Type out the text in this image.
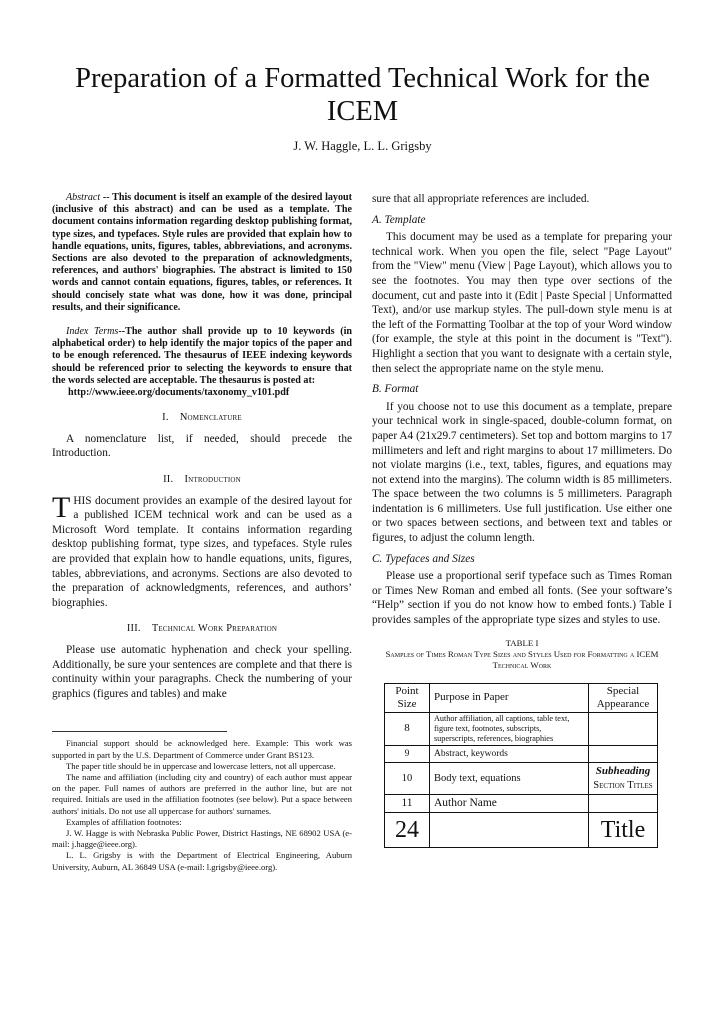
Preparation of a Formatted Technical Work for the ICEM
J. W. Haggle, L. L. Grigsby

Abstract -- This document is itself an example of the desired layout (inclusive of this abstract) and can be used as a template. The document contains information regarding desktop publishing format, type sizes, and typefaces. Style rules are provided that explain how to handle equations, units, figures, tables, abbreviations, and acronyms. Sections are also devoted to the preparation of acknowledgments, references, and authors' biographies. The abstract is limited to 150 words and cannot contain equations, figures, tables, or references. It should concisely state what was done, how it was done, principal results, and their significance.

Index Terms--The author shall provide up to 10 keywords (in alphabetical order) to help identify the major topics of the paper and to be enough referenced. The thesaurus of IEEE indexing keywords should be referenced prior to selecting the keywords to ensure that the words selected are acceptable. The thesaurus is posted at:

http://www.ieee.org/documents/taxonomy_v101.pdf

I. Nomenclature

A nomenclature list, if needed, should precede the Introduction.

II. Introduction

THIS document provides an example of the desired layout for a published ICEM technical work and can be used as a Microsoft Word template. It contains information regarding desktop publishing format, type sizes, and typefaces. Style rules are provided that explain how to handle equations, units, figures, tables, abbreviations, and acronyms. Sections are also devoted to the preparation of acknowledgments, references, and authors’ biographies.

III. Technical Work Preparation

Please use automatic hyphenation and check your spelling. Additionally, be sure your sentences are complete and that there is continuity within your paragraphs. Check the numbering of your graphics (figures and tables) and make

Financial support should be acknowledged here. Example: This work was supported in part by the U.S. Department of Commerce under Grant BS123.

The paper title should be in uppercase and lowercase letters, not all uppercase.

The name and affiliation (including city and country) of each author must appear on the paper. Full names of authors are preferred in the author line, but are not required. Initials are used in the affiliation footnotes (see below). Put a space between authors' initials. Do not use all uppercase for authors' surnames.

Examples of affiliation footnotes:

J. W. Hagge is with Nebraska Public Power, District Hastings, NE 68902 USA (e-mail: j.hagge@ieee.org).

L. L. Grigsby is with the Department of Electrical Engineering, Auburn University, Auburn, AL 36849 USA (e-mail: l.grigsby@ieee.org).

sure that all appropriate references are included.

A. Template

This document may be used as a template for preparing your technical work. When you open the file, select "Page Layout" from the "View" menu (View | Page Layout), which allows you to see the footnotes. You may then type over sections of the document, cut and paste into it (Edit | Paste Special | Unformatted Text), and/or use markup styles. The pull-down style menu is at the left of the Formatting Toolbar at the top of your Word window (for example, the style at this point in the document is "Text"). Highlight a section that you want to designate with a certain style, then select the appropriate name on the style menu.

B. Format

If you choose not to use this document as a template, prepare your technical work in single-spaced, double-column format, on paper A4 (21x29.7 centimeters). Set top and bottom margins to 17 millimeters and left and right margins to about 17 millimeters. Do not violate margins (i.e., text, tables, figures, and equations may not extend into the margins). The column width is 85 millimeters. The space between the two columns is 5 millimeters. Paragraph indentation is 6 millimeters. Use full justification. Use either one or two spaces between sections, and between text and tables or figures, to adjust the column length.

C. Typefaces and Sizes

Please use a proportional serif typeface such as Times Roman or Times New Roman and embed all fonts. (See your software’s “Help” section if you do not know how to embed fonts.) Table I provides samples of the appropriate type sizes and styles to use.

TABLE I
Samples of Times Roman Type Sizes and Styles Used for Formatting a ICEM Technical Work
Point Size	Purpose in Paper	Special Appearance
8	Author affiliation, all captions, table text, figure text, footnotes, subscripts, superscripts, references, biographies	
9	Abstract, keywords	
10	Body text, equations	Subheading
Section Titles

11	Author Name	
24		Title
